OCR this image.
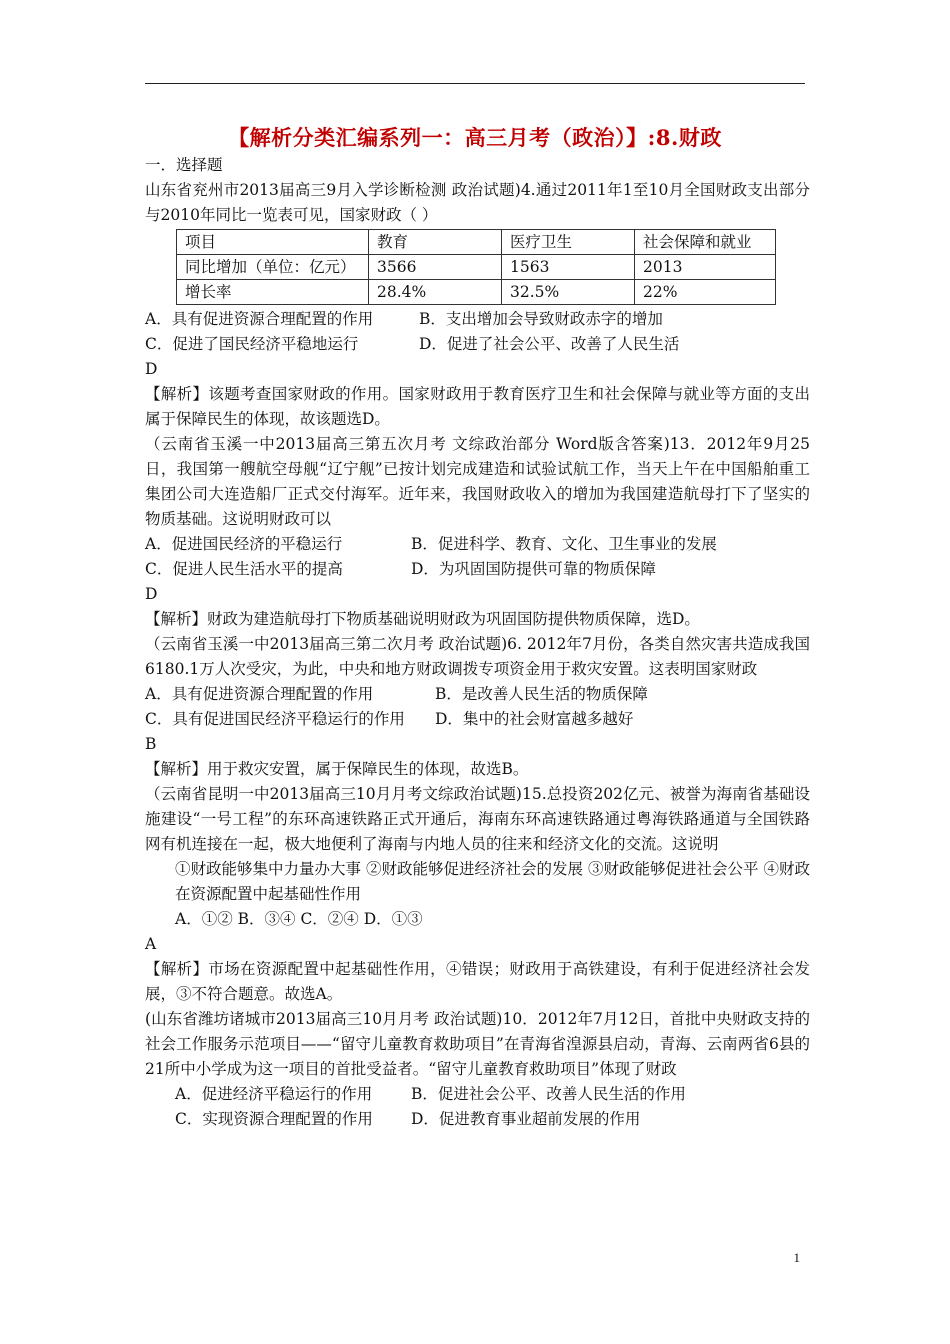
【解析分类汇编系列一：高三月考（政治）】:8.财政
一．选择题
山东省兖州市2013届高三9月入学诊断检测 政治试题)4.通过2011年1至10月全国财政支出部分与2010年同比一览表可见，国家财政（ ）
项目	教育	医疗卫生	社会保障和就业
同比增加（单位：亿元）	3566	1563	2013
增长率	28.4%	32.5%	22%
A．具有促进资源合理配置的作用	B．支出增加会导致财政赤字的增加
C．促进了国民经济平稳地运行	D．促进了社会公平、改善了人民生活
D
【解析】该题考查国家财政的作用。国家财政用于教育医疗卫生和社会保障与就业等方面的支出属于保障民生的体现，故该题选D。
（云南省玉溪一中2013届高三第五次月考 文综政治部分 Word版含答案)13．2012年9月25日，我国第一艘航空母舰“辽宁舰”已按计划完成建造和试验试航工作，当天上午在中国船舶重工集团公司大连造船厂正式交付海军。近年来，我国财政收入的增加为我国建造航母打下了坚实的物质基础。这说明财政可以
A．促进国民经济的平稳运行	B．促进科学、教育、文化、卫生事业的发展
C．促进人民生活水平的提高	D．为巩固国防提供可靠的物质保障
D
【解析】财政为建造航母打下物质基础说明财政为巩固国防提供物质保障，选D。
（云南省玉溪一中2013届高三第二次月考 政治试题)6. 2012年7月份，各类自然灾害共造成我国6180.1万人次受灾，为此，中央和地方财政调拨专项资金用于救灾安置。这表明国家财政
A．具有促进资源合理配置的作用	B．是改善人民生活的物质保障
C．具有促进国民经济平稳运行的作用	D．集中的社会财富越多越好
B
【解析】用于救灾安置，属于保障民生的体现，故选B。
（云南省昆明一中2013届高三10月月考文综政治试题)15.总投资202亿元、被誉为海南省基础设施建设“一号工程”的东环高速铁路正式开通后，海南东环高速铁路通过粤海铁路通道与全国铁路网有机连接在一起，极大地便利了海南与内地人员的往来和经济文化的交流。这说明
①财政能够集中力量办大事 ②财政能够促进经济社会的发展 ③财政能够促进社会公平 ④财政在资源配置中起基础性作用
A．①② B．③④ C．②④ D．①③
A
【解析】市场在资源配置中起基础性作用，④错误；财政用于高铁建设，有利于促进经济社会发展，③不符合题意。故选A。
(山东省潍坊诸城市2013届高三10月月考 政治试题)10．2012年7月12日，首批中央财政支持的社会工作服务示范项目——“留守儿童教育救助项目”在青海省湟源县启动，青海、云南两省6县的21所中小学成为这一项目的首批受益者。“留守儿童教育救助项目”体现了财政
A．促进经济平稳运行的作用	B．促进社会公平、改善人民生活的作用
C．实现资源合理配置的作用	D．促进教育事业超前发展的作用
1
